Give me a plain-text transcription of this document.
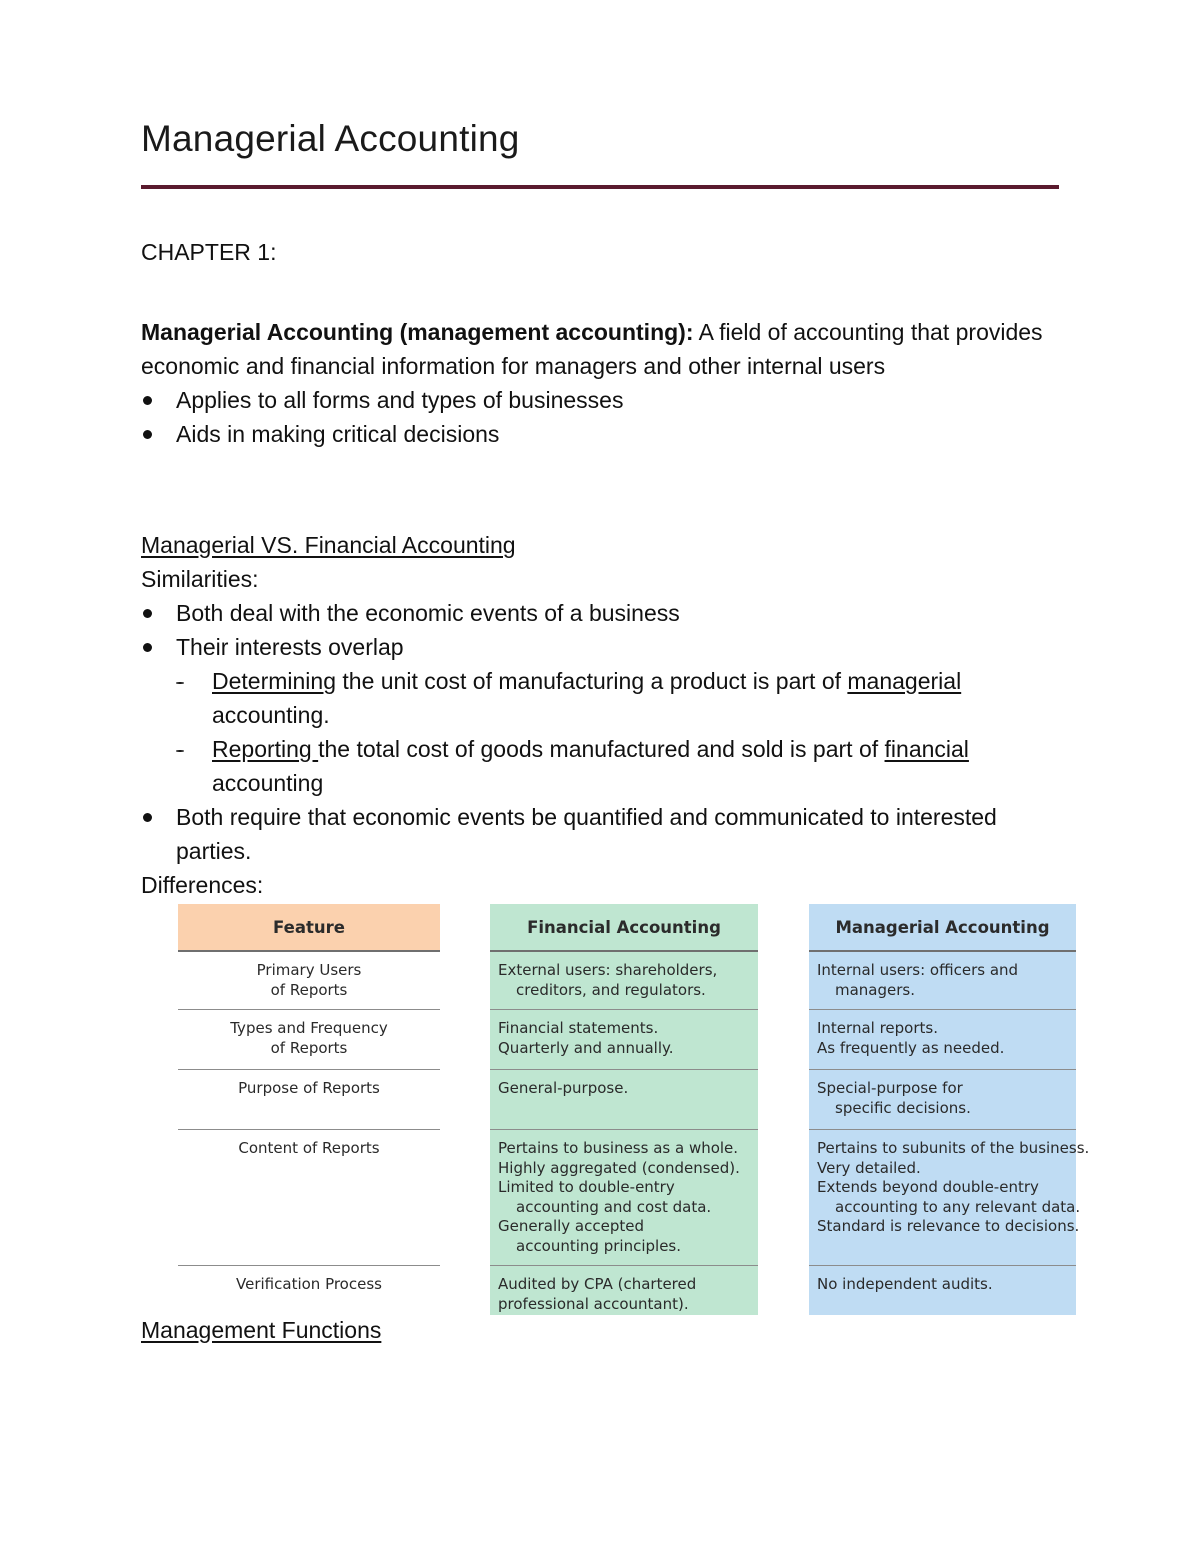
Managerial Accounting
CHAPTER 1:
Managerial Accounting (management accounting): A field of accounting that provides economic and financial information for managers and other internal users
Applies to all forms and types of businesses
Aids in making critical decisions
Managerial VS. Financial Accounting
Similarities:
Both deal with the economic events of a business
Their interests overlap
Determining the unit cost of manufacturing a product is part of managerial accounting.
Reporting the total cost of goods manufactured and sold is part of financial accounting
Both require that economic events be quantified and communicated to interested parties.
Differences:
Feature
Primary Users
of Reports
Types and Frequency
of Reports
Purpose of Reports
Content of Reports
Verification Process
Financial Accounting
External users: shareholders,
creditors, and regulators.
Financial statements.
Quarterly and annually.
General-purpose.
Pertains to business as a whole.
Highly aggregated (condensed).
Limited to double-entry
accounting and cost data.
Generally accepted
accounting principles.
Audited by CPA (chartered
professional accountant).
Managerial Accounting
Internal users: officers and
managers.
Internal reports.
As frequently as needed.
Special-purpose for
specific decisions.
Pertains to subunits of the business.
Very detailed.
Extends beyond double-entry
accounting to any relevant data.
Standard is relevance to decisions.
No independent audits.
Management Functions
